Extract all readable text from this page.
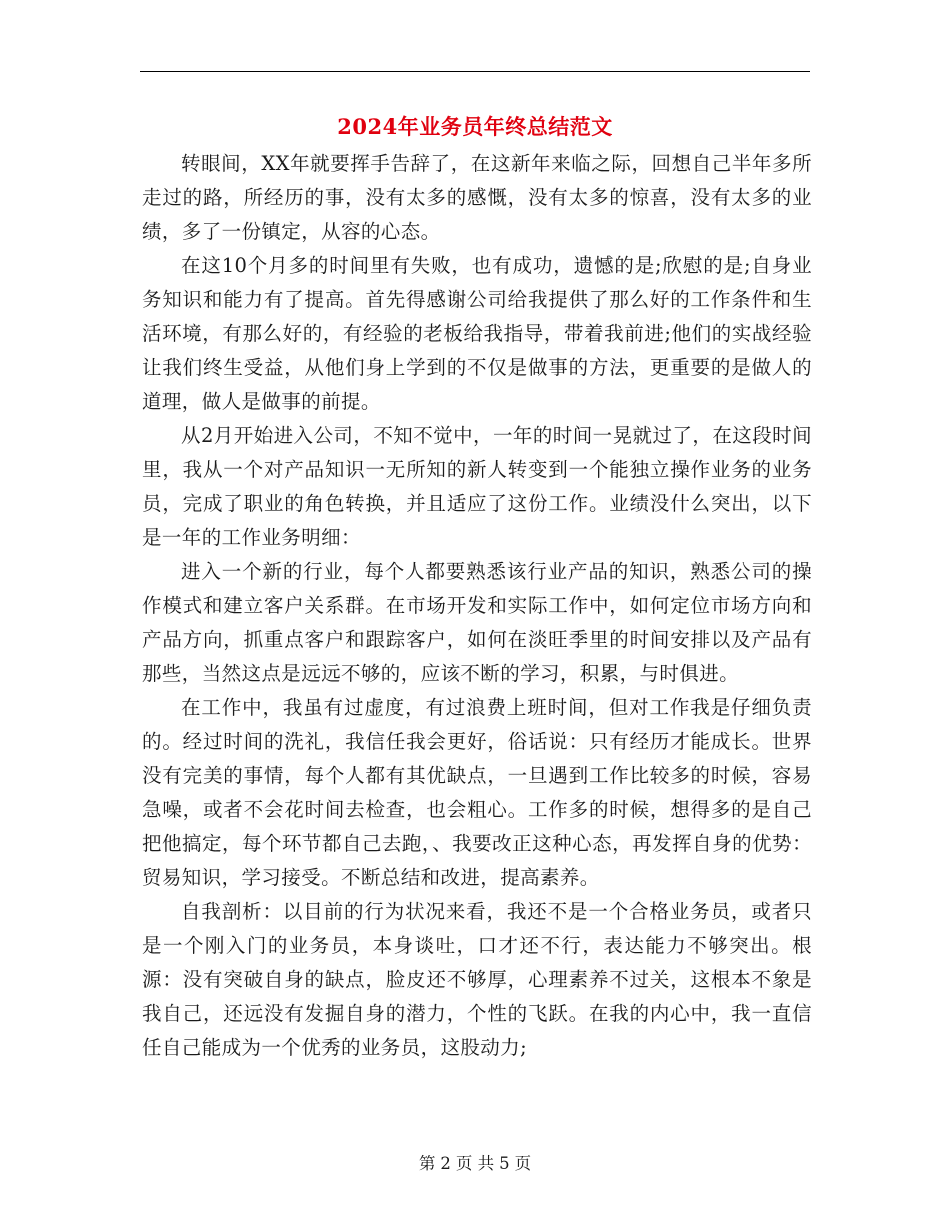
2024年业务员年终总结范文

转眼间，XX年就要挥手告辞了，在这新年来临之际，回想自己半年多所走过的路，所经历的事，没有太多的感慨，没有太多的惊喜，没有太多的业绩，多了一份镇定，从容的心态。

在这10个月多的时间里有失败，也有成功，遗憾的是;欣慰的是;自身业务知识和能力有了提高。首先得感谢公司给我提供了那么好的工作条件和生活环境，有那么好的，有经验的老板给我指导，带着我前进;他们的实战经验让我们终生受益，从他们身上学到的不仅是做事的方法，更重要的是做人的道理，做人是做事的前提。

从2月开始进入公司，不知不觉中，一年的时间一晃就过了，在这段时间里，我从一个对产品知识一无所知的新人转变到一个能独立操作业务的业务员，完成了职业的角色转换，并且适应了这份工作。业绩没什么突出，以下是一年的工作业务明细：

进入一个新的行业，每个人都要熟悉该行业产品的知识，熟悉公司的操作模式和建立客户关系群。在市场开发和实际工作中，如何定位市场方向和产品方向，抓重点客户和跟踪客户，如何在淡旺季里的时间安排以及产品有那些，当然这点是远远不够的，应该不断的学习，积累，与时俱进。

在工作中，我虽有过虚度，有过浪费上班时间，但对工作我是仔细负责的。经过时间的洗礼，我信任我会更好，俗话说：只有经历才能成长。世界没有完美的事情，每个人都有其优缺点，一旦遇到工作比较多的时候，容易急噪，或者不会花时间去检查，也会粗心。工作多的时候，想得多的是自己把他搞定，每个环节都自己去跑，、我要改正这种心态，再发挥自身的优势：贸易知识，学习接受。不断总结和改进，提高素养。

自我剖析：以目前的行为状况来看，我还不是一个合格业务员，或者只是一个刚入门的业务员，本身谈吐，口才还不行，表达能力不够突出。根源：没有突破自身的缺点，脸皮还不够厚，心理素养不过关，这根本不象是我自己，还远没有发掘自身的潜力，个性的飞跃。在我的内心中，我一直信任自己能成为一个优秀的业务员，这股动力;

第 2 页 共 5 页
